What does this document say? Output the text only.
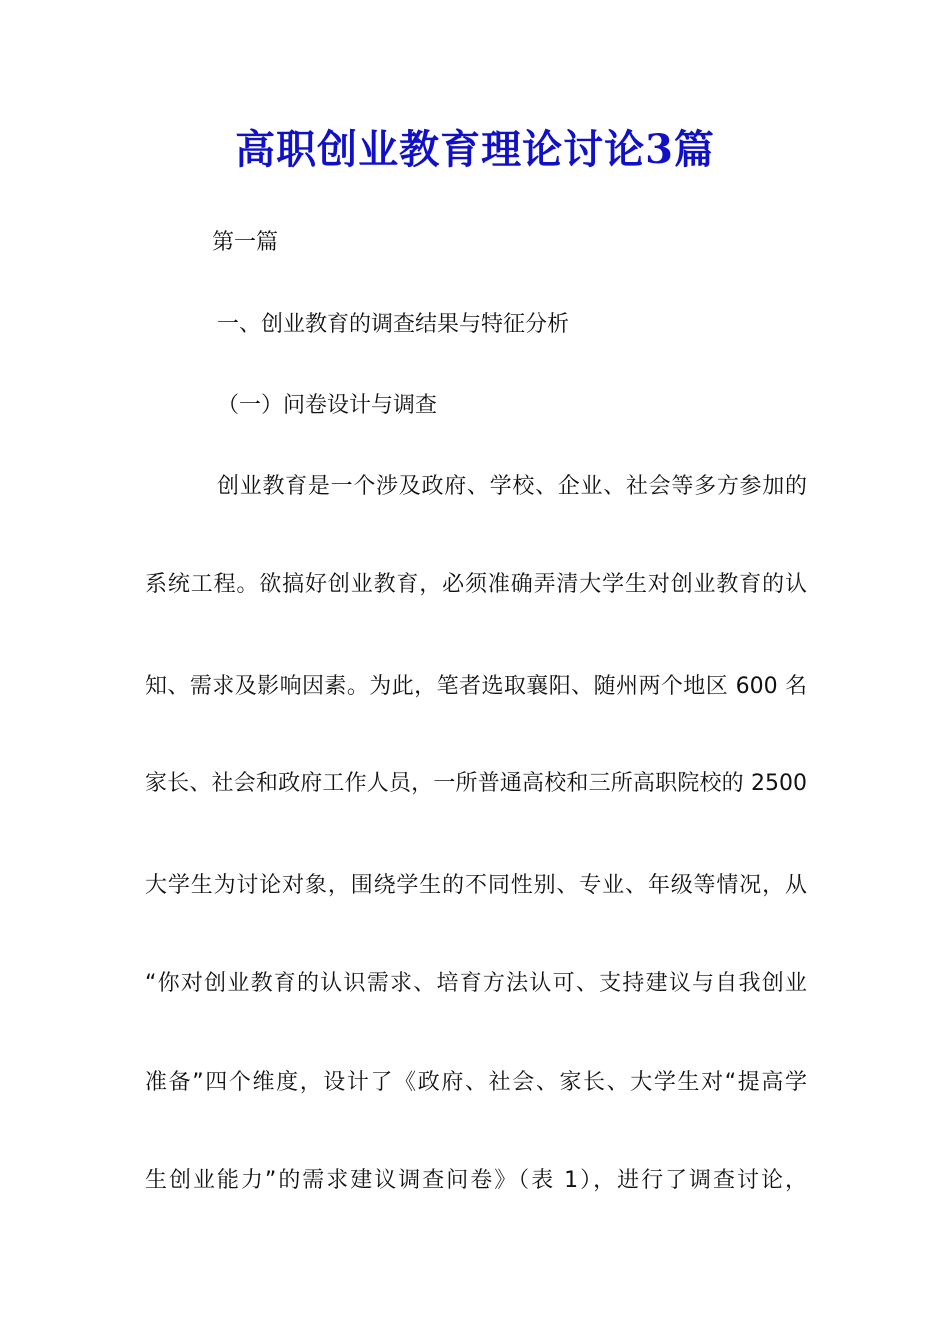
高职创业教育理论讨论3篇
第一篇
一、创业教育的调查结果与特征分析
（一）问卷设计与调查
创业教育是一个涉及政府、学校、企业、社会等多方参加的
系统工程。欲搞好创业教育，必须准确弄清大学生对创业教育的认
知、需求及影响因素。为此，笔者选取襄阳、随州两个地区 600 名
家长、社会和政府工作人员，一所普通高校和三所高职院校的 2500
大学生为讨论对象，围绕学生的不同性别、专业、年级等情况，从
“你对创业教育的认识需求、培育方法认可、支持建议与自我创业
准备”四个维度，设计了《政府、社会、家长、大学生对“提高学
生创业能力”的需求建议调查问卷》（表 1），进行了调查讨论，
